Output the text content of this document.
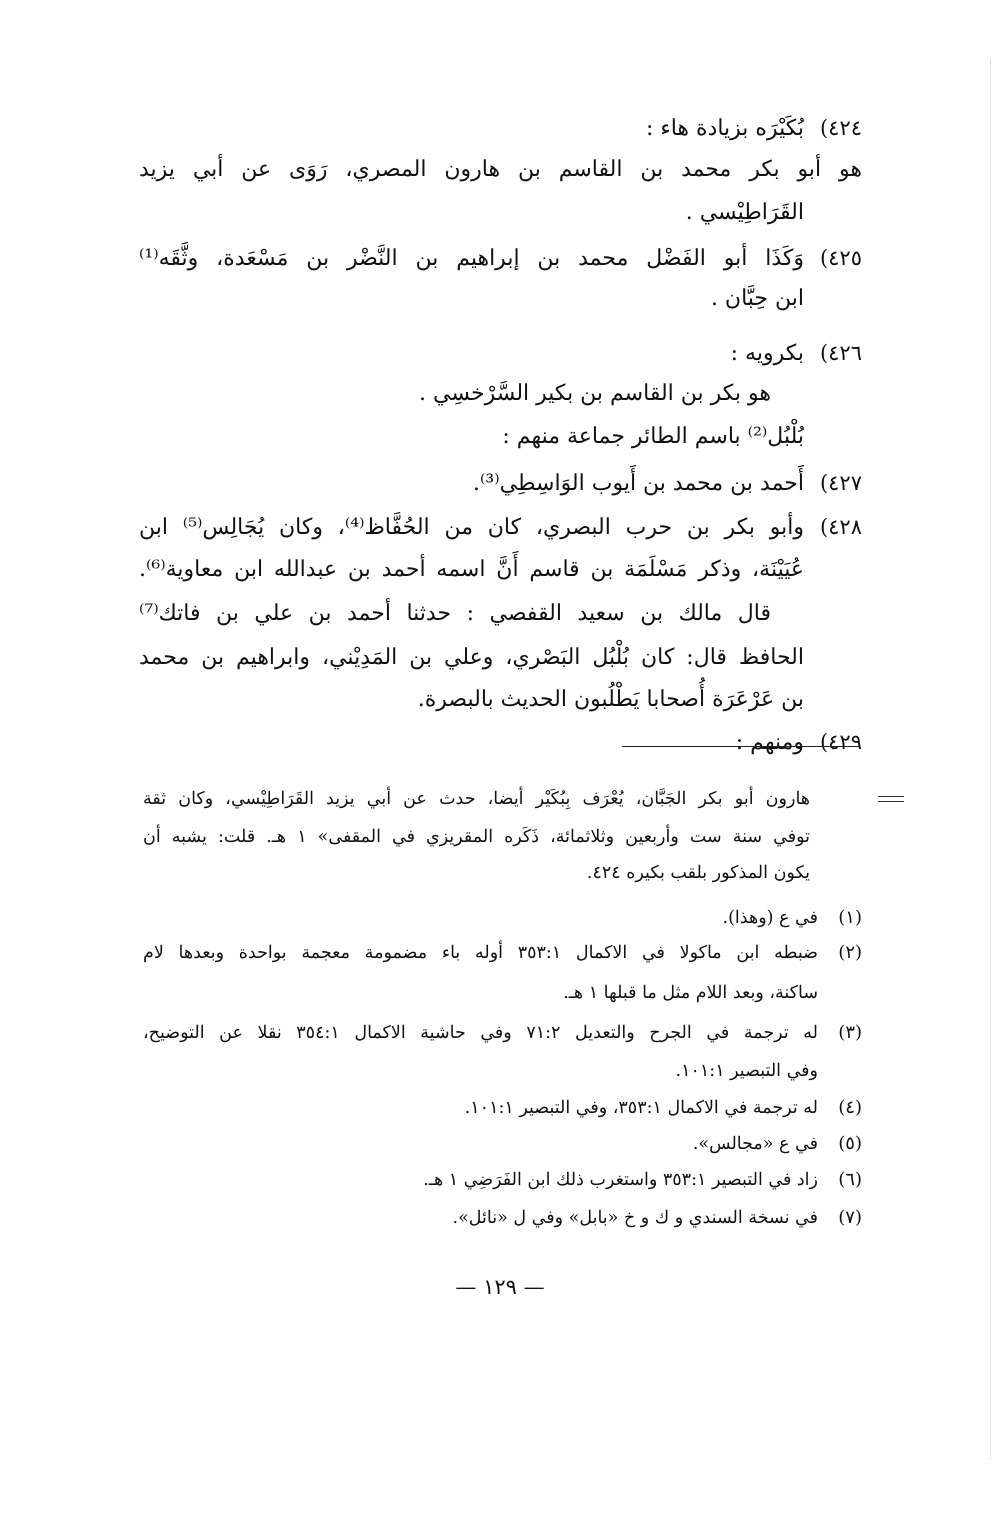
٤٢٤)بُكَيْرَه بزيادة هاء :
هو أبو بكر محمد بن القاسم بن هارون المصري، رَوَى عن أبي يزيد
القَرَاطِيْسي .
٤٢٥)وَكَذَا أبو الفَضْل محمد بن إبراهيم بن النَّضْر بن مَسْعَدة، وثَّقَه⁽¹⁾
ابن حِبَّان .
٤٢٦)بكرويه :
هو بكر بن القاسم بن بكير السَّرْخسِي .
بُلْبُل⁽²⁾ باسم الطائر جماعة منهم :
٤٢٧)أَحمد بن محمد بن أَيوب الوَاسِطِي⁽³⁾.
٤٢٨)وأبو بكر بن حرب البصري، كان من الحُفَّاظ⁽⁴⁾، وكان يُجَالِس⁽⁵⁾ ابن
عُيَيْنَة، وذكر مَسْلَمَة بن قاسم أَنَّ اسمه أحمد بن عبدالله ابن معاوية⁽⁶⁾.
قال مالك بن سعيد القفصي : حدثنا أحمد بن علي بن فاتك⁽⁷⁾
الحافظ قال: كان بُلْبُل البَصْري، وعلي بن المَدِيْني، وابراهيم بن محمد
بن عَرْعَرَة أُصحابا يَطْلُبون الحديث بالبصرة.
٤٢٩)ومنهم :
هارون أبو بكر الجَبَّان، يُعْرَف بِبُكَيْر أيضا، حدث عن أبي يزيد القَرَاطِيْسي، وكان ثقة
توفي سنة ست وأربعين وثلاثمائة، ذَكَره المقريزي في المقفى» ١ هـ. قلت: يشبه أن
يكون المذكور بلقب بكيره ٤٢٤.
(١)في ع (وهذا).
(٢)ضبطه ابن ماكولا في الاكمال ٣٥٣:١ أوله باء مضمومة معجمة بواحدة وبعدها لام
ساكنة، وبعد اللام مثل ما قبلها ١ هـ.
(٣)له ترجمة في الجرح والتعديل ٧١:٢ وفي حاشية الاكمال ٣٥٤:١ نقلا عن التوضيح،
وفي التبصير ١٠١:١.
(٤)له ترجمة في الاكمال ٣٥٣:١، وفي التبصير ١٠١:١.
(٥)في ع «مجالس».
(٦)زاد في التبصير ٣٥٣:١ واستغرب ذلك ابن الفَرَضِي ١ هـ.
(٧)في نسخة السندي و ك و خ «بابل» وفي ل «نائل».
— ١٢٩ —
